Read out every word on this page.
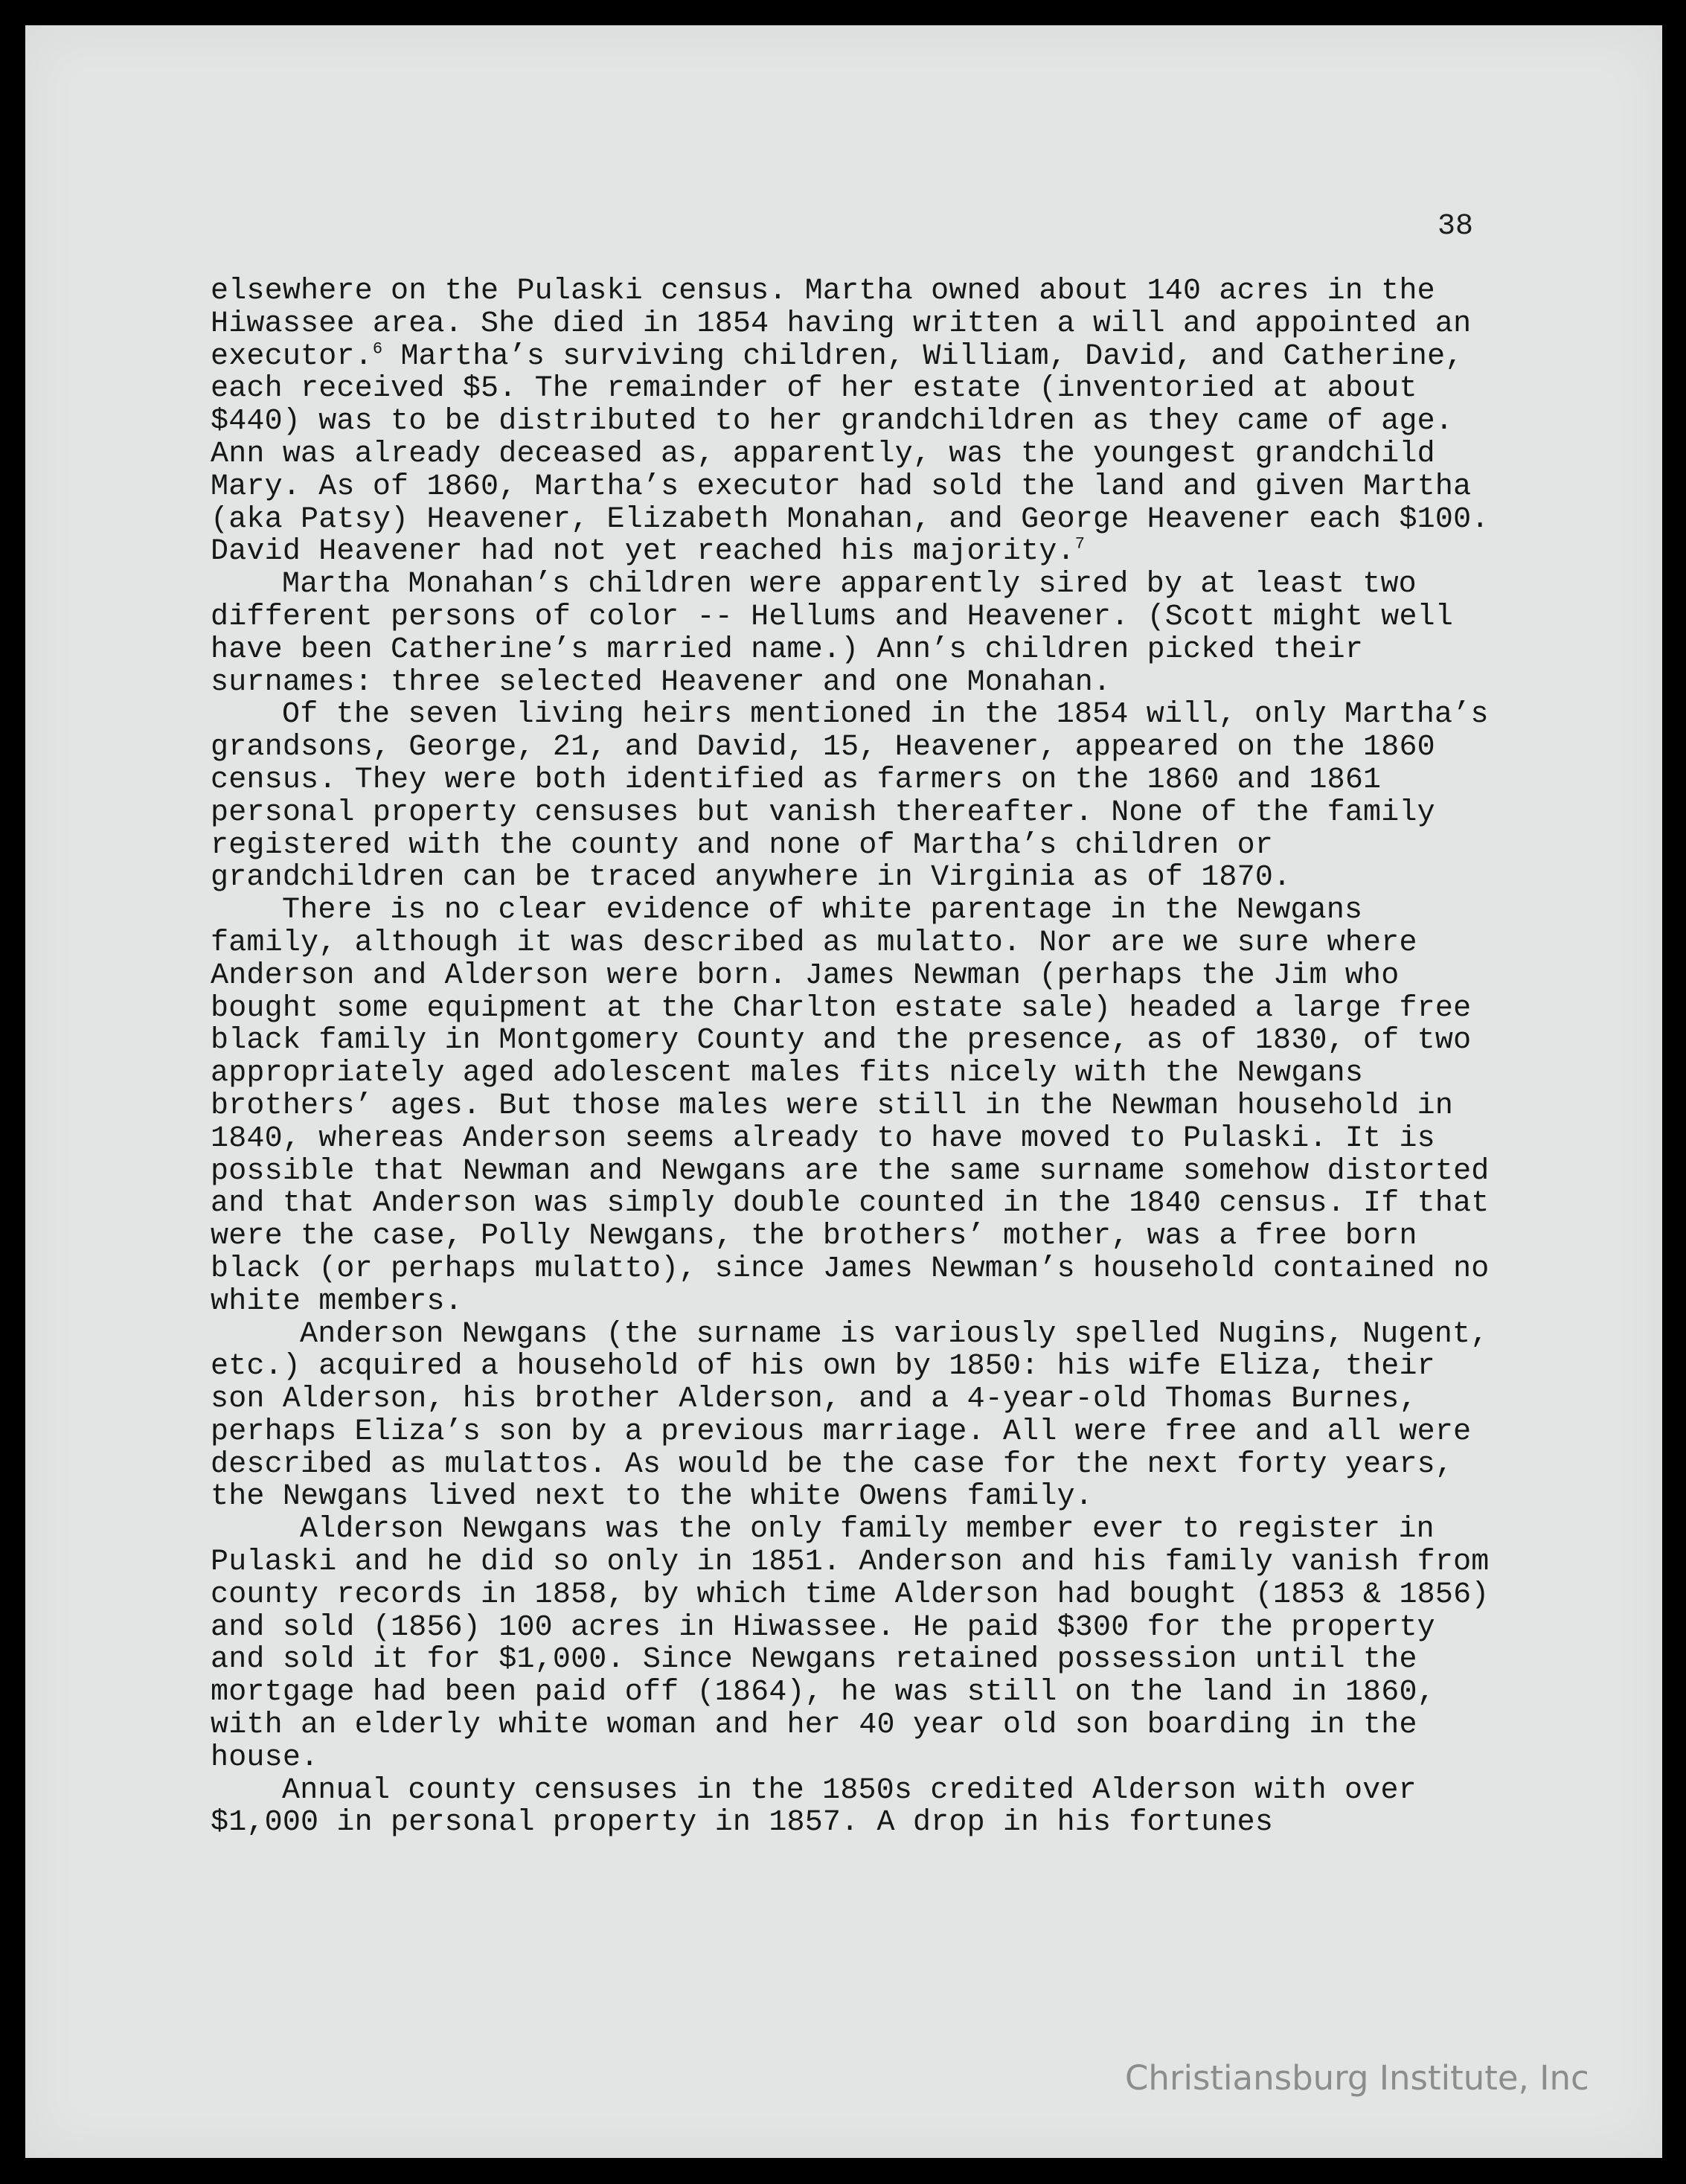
38

elsewhere on the Pulaski census. Martha owned about 140 acres in the Hiwassee area. She died in 1854 having written a will and appointed an executor.$^6$ Martha’s surviving children, William, David, and Catherine, each received $5. The remainder of her estate (inventoried at about $440) was to be distributed to her grandchildren as they came of age. Ann was already deceased as, apparently, was the youngest grandchild Mary. As of 1860, Martha’s executor had sold the land and given Martha (aka Patsy) Heavener, Elizabeth Monahan, and George Heavener each $100. David Heavener had not yet reached his majority.$^7$

Martha Monahan’s children were apparently sired by at least two different persons of color -- Hellums and Heavener. (Scott might well have been Catherine’s married name.) Ann’s children picked their surnames: three selected Heavener and one Monahan.

Of the seven living heirs mentioned in the 1854 will, only Martha’s grandsons, George, 21, and David, 15, Heavener, appeared on the 1860 census. They were both identified as farmers on the 1860 and 1861 personal property censuses but vanish thereafter. None of the family registered with the county and none of Martha’s children or grandchildren can be traced anywhere in Virginia as of 1870.

There is no clear evidence of white parentage in the Newgans family, although it was described as mulatto. Nor are we sure where Anderson and Alderson were born. James Newman (perhaps the Jim who bought some equipment at the Charlton estate sale) headed a large free black family in Montgomery County and the presence, as of 1830, of two appropriately aged adolescent males fits nicely with the Newgans brothers’ ages. But those males were still in the Newman household in 1840, whereas Anderson seems already to have moved to Pulaski. It is possible that Newman and Newgans are the same surname somehow distorted and that Anderson was simply double counted in the 1840 census. If that were the case, Polly Newgans, the brothers’ mother, was a free born black (or perhaps mulatto), since James Newman’s household contained no white members.

Anderson Newgans (the surname is variously spelled Nugins, Nugent, etc.) acquired a household of his own by 1850: his wife Eliza, their son Alderson, his brother Alderson, and a 4-year-old Thomas Burnes, perhaps Eliza’s son by a previous marriage. All were free and all were described as mulattos. As would be the case for the next forty years, the Newgans lived next to the white Owens family.

Alderson Newgans was the only family member ever to register in Pulaski and he did so only in 1851. Anderson and his family vanish from county records in 1858, by which time Alderson had bought (1853 & 1856) and sold (1856) 100 acres in Hiwassee. He paid $300 for the property and sold it for $1,000. Since Newgans retained possession until the mortgage had been paid off (1864), he was still on the land in 1860, with an elderly white woman and her 40 year old son boarding in the house.

Annual county censuses in the 1850s credited Alderson with over $1,000 in personal property in 1857. A drop in his fortunes

Christiansburg Institute, Inc
